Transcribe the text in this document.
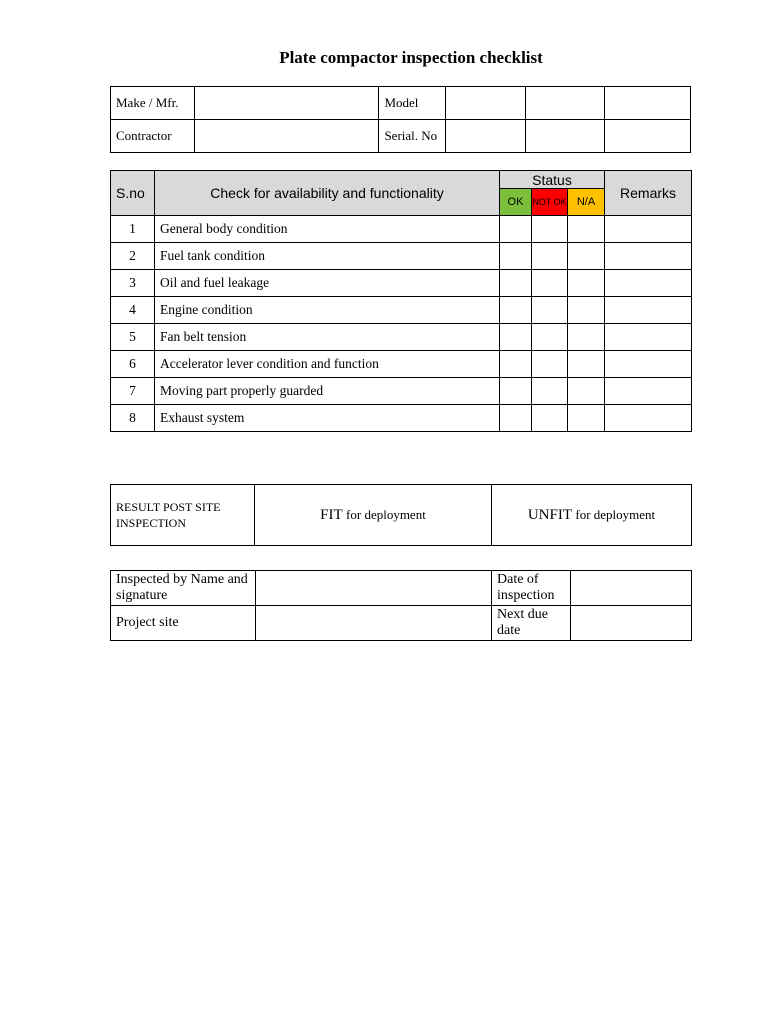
Plate compactor inspection checklist
Make / Mfr.		Model			
Contractor		Serial. No			
S.no	Check for availability and functionality	Status			Remarks
		OK	NOT OK	N/A	
1	General body condition				
2	Fuel tank condition				
3	Oil and fuel leakage				
4	Engine condition				
5	Fan belt tension				
6	Accelerator lever condition and function				
7	Moving part properly guarded				
8	Exhaust system				
RESULT POST SITE INSPECTION	FIT for deployment	UNFIT for deployment
Inspected by Name and signature		Date of inspection	
Project site		Next due date	
